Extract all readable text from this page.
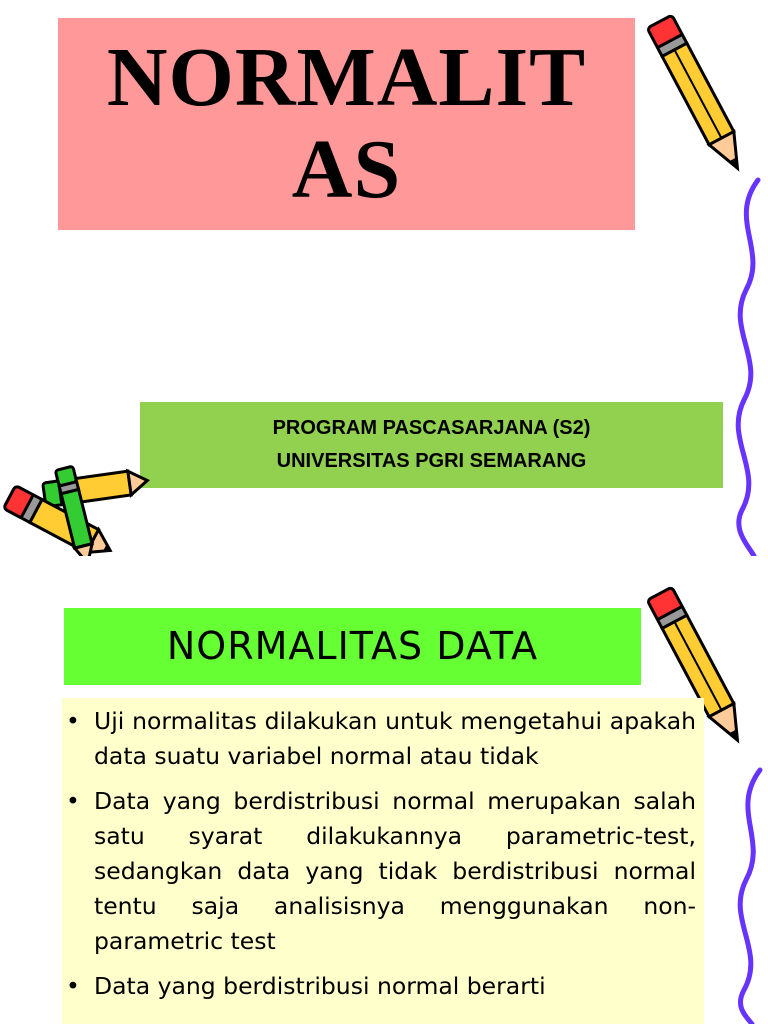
NORMALIT
AS
PROGRAM PASCASARJANA (S2)
UNIVERSITAS PGRI SEMARANG
NORMALITAS DATA
• Uji normalitas dilakukan untuk mengetahui apakah data suatu variabel normal atau tidak
• Data yang berdistribusi normal merupakan salah satu syarat dilakukannya parametric-test, sedangkan data yang tidak berdistribusi normal tentu saja analisisnya menggunakan non-parametric test
• Data yang berdistribusi normal berarti
